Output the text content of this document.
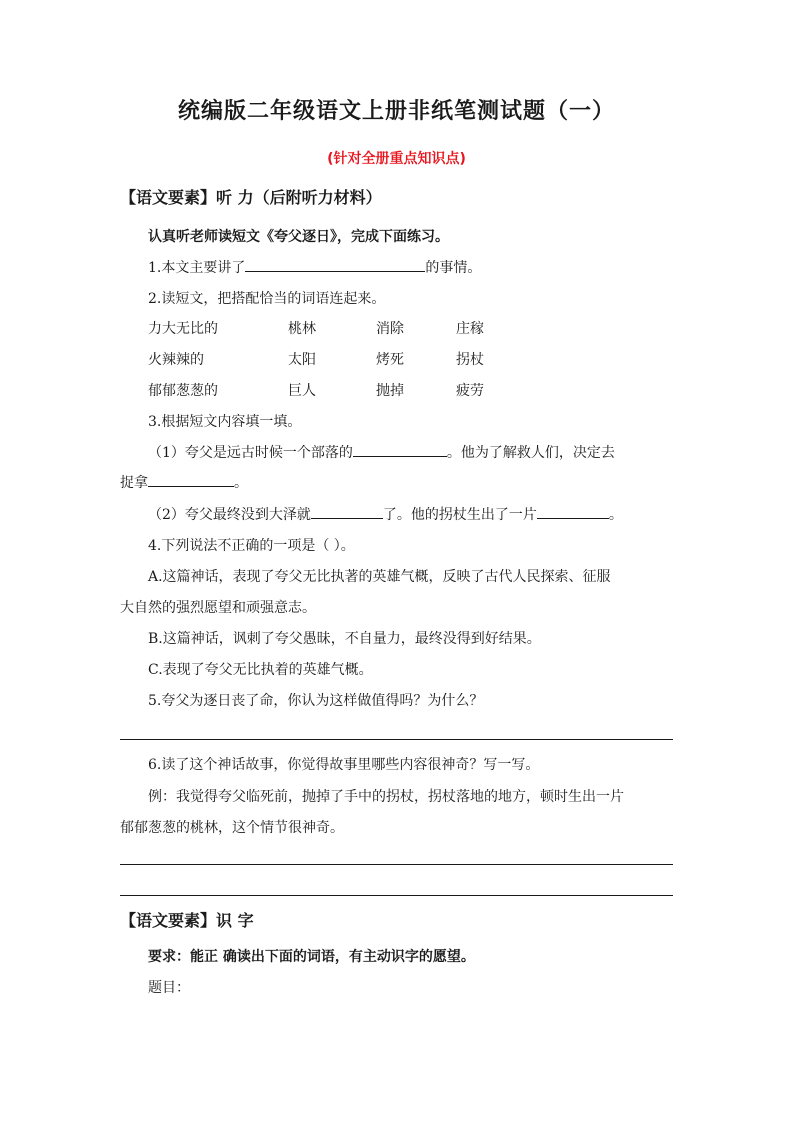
统编版二年级语文上册非纸笔测试题（一）
(针对全册重点知识点)
【语文要素】听 力（后附听力材料）
认真听老师读短文《夸父逐日》，完成下面练习。
1.本文主要讲了	的事情。
2.读短文，把搭配恰当的词语连起来。
力大无比的	桃林	消除	庄稼
火辣辣的	太阳	烤死	拐杖
郁郁葱葱的	巨人	抛掉	疲劳
3.根据短文内容填一填。
（1）夸父是远古时候一个部落的	。他为了解救人们，决定去
捉拿	。
（2）夸父最终没到大泽就	了。他的拐杖生出了一片	。
4.下列说法不正确的一项是（ ）。
A.这篇神话，表现了夸父无比执著的英雄气概，反映了古代人民探索、征服
大自然的强烈愿望和顽强意志。
B.这篇神话，讽刺了夸父愚昧，不自量力，最终没得到好结果。
C.表现了夸父无比执着的英雄气概。
5.夸父为逐日丧了命，你认为这样做值得吗？为什么？
6.读了这个神话故事，你觉得故事里哪些内容很神奇？写一写。
例：我觉得夸父临死前，抛掉了手中的拐杖，拐杖落地的地方，顿时生出一片
郁郁葱葱的桃林，这个情节很神奇。
【语文要素】识 字
要求：能正 确读出下面的词语，有主动识字的愿望。
题目：
